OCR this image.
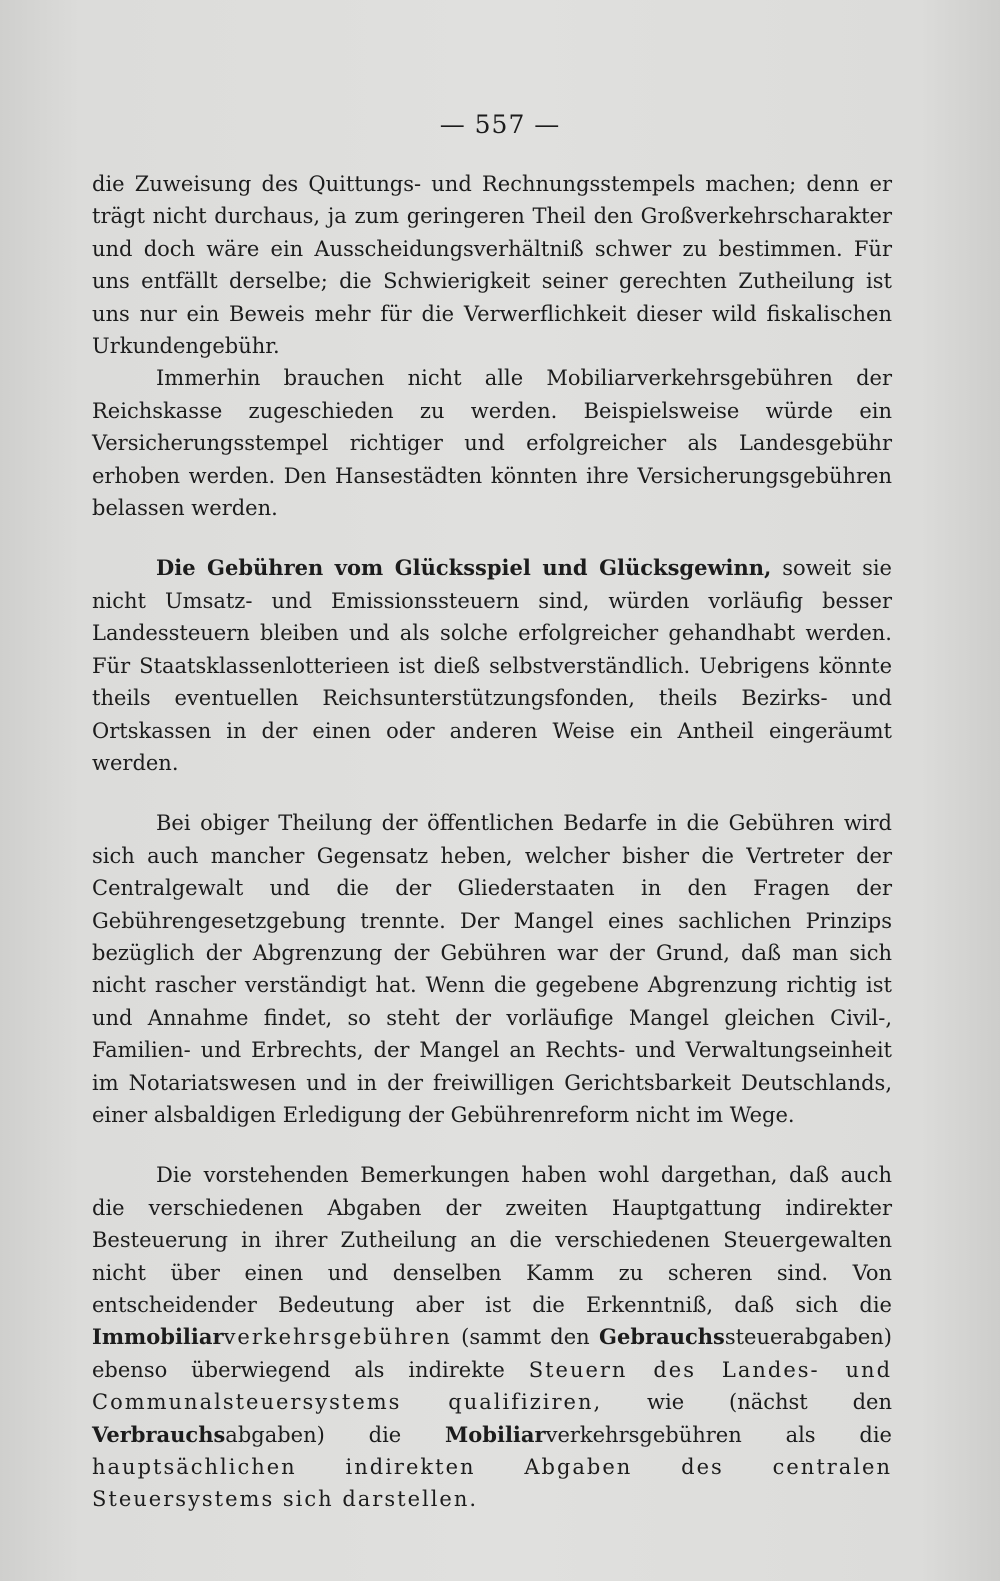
— 557 —

die Zuweisung des Quittungs- und Rechnungsstempels machen; denn er trägt nicht durchaus, ja zum geringeren Theil den Großverkehrscharakter und doch wäre ein Ausscheidungsverhältniß schwer zu bestimmen. Für uns entfällt derselbe; die Schwierigkeit seiner gerechten Zutheilung ist uns nur ein Beweis mehr für die Verwerflichkeit dieser wild fiskalischen Urkundengebühr.

Immerhin brauchen nicht alle Mobiliarverkehrsgebühren der Reichskasse zugeschieden zu werden. Beispielsweise würde ein Versicherungsstempel richtiger und erfolgreicher als Landesgebühr erhoben werden. Den Hansestädten könnten ihre Versicherungsgebühren belassen werden.

Die Gebühren vom Glücksspiel und Glücksgewinn, soweit sie nicht Umsatz- und Emissionssteuern sind, würden vorläufig besser Landessteuern bleiben und als solche erfolgreicher gehandhabt werden. Für Staatsklassenlotterieen ist dieß selbstverständlich. Uebrigens könnte theils eventuellen Reichsunterstützungsfonden, theils Bezirks- und Ortskassen in der einen oder anderen Weise ein Antheil eingeräumt werden.

Bei obiger Theilung der öffentlichen Bedarfe in die Gebühren wird sich auch mancher Gegensatz heben, welcher bisher die Vertreter der Centralgewalt und die der Gliederstaaten in den Fragen der Gebührengesetzgebung trennte. Der Mangel eines sachlichen Prinzips bezüglich der Abgrenzung der Gebühren war der Grund, daß man sich nicht rascher verständigt hat. Wenn die gegebene Abgrenzung richtig ist und Annahme findet, so steht der vorläufige Mangel gleichen Civil-, Familien- und Erbrechts, der Mangel an Rechts- und Verwaltungseinheit im Notariatswesen und in der freiwilligen Gerichtsbarkeit Deutschlands, einer alsbaldigen Erledigung der Gebührenreform nicht im Wege.

Die vorstehenden Bemerkungen haben wohl dargethan, daß auch die verschiedenen Abgaben der zweiten Hauptgattung indirekter Besteuerung in ihrer Zutheilung an die verschiedenen Steuergewalten nicht über einen und denselben Kamm zu scheren sind. Von entscheidender Bedeutung aber ist die Erkenntniß, daß sich die Immobiliarverkehrsgebühren (sammt den Gebrauchssteuerabgaben) ebenso überwiegend als indirekte Steuern des Landes- und Communalsteuersystems qualifiziren, wie (nächst den Verbrauchsabgaben) die Mobiliarverkehrsgebühren als die hauptsächlichen indirekten Abgaben des centralen Steuersystems sich darstellen.
